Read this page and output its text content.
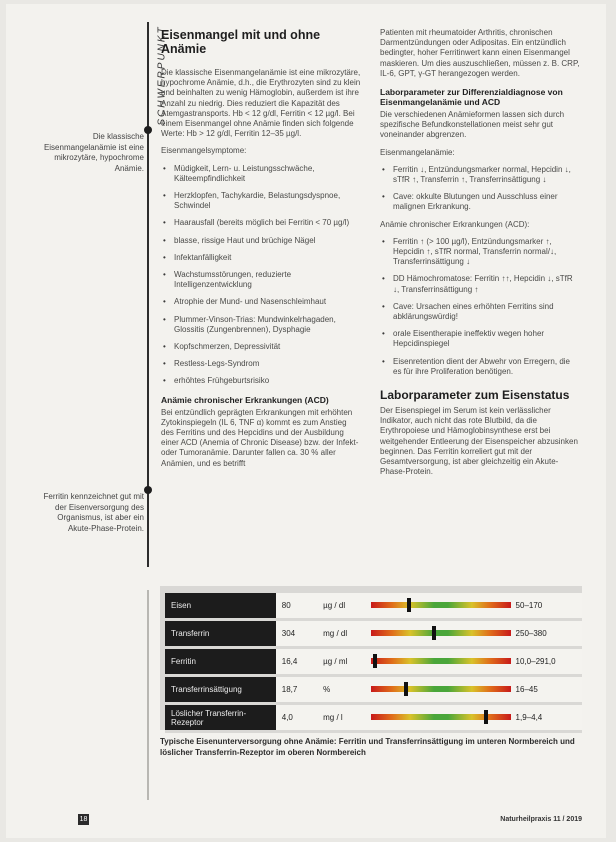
SCHWERPUNKT
Die klassische Eisenmangelanämie ist eine mikrozytäre, hypochrome Anämie.
Ferritin kennzeichnet gut mit der Eisenversorgung des Organismus, ist aber ein Akute-Phase-Protein.
Eisenmangel mit und ohne Anämie

Die klassische Eisenmangelanämie ist eine mikrozytäre, hypochrome Anämie, d.h., die Erythrozyten sind zu klein und beinhalten zu wenig Hämoglobin, außerdem ist ihre Anzahl zu niedrig. Dies reduziert die Kapazität des Atemgastransports. Hb < 12 g/dl, Ferritin < 12 µg/l. Bei einem Eisenmangel ohne Anämie finden sich folgende Werte: Hb > 12 g/dl, Ferritin 12–35 µg/l.

Eisenmangelsymptome:

• Müdigkeit, Lern- u. Leistungsschwäche, Kälteempfindlichkeit
• Herzklopfen, Tachykardie, Belastungsdyspnoe, Schwindel
• Haarausfall (bereits möglich bei Ferritin < 70 µg/l)
• blasse, rissige Haut und brüchige Nägel
• Infektanfälligkeit
• Wachstumsstörungen, reduzierte Intelligenzentwicklung
• Atrophie der Mund- und Nasenschleimhaut
• Plummer-Vinson-Trias: Mundwinkelrhagaden, Glossitis (Zungenbrennen), Dysphagie
• Kopfschmerzen, Depressivität
• Restless-Legs-Syndrom
• erhöhtes Frühgeburtsrisiko
Anämie chronischer Erkrankungen (ACD)

Bei entzündlich geprägten Erkrankungen mit erhöhten Zytokinspiegeln (IL 6, TNF α) kommt es zum Anstieg des Ferritins und des Hepcidins und der Ausbildung einer ACD (Anemia of Chronic Disease) bzw. der Infekt- oder Tumoranämie. Darunter fallen ca. 30 % aller Anämien, und es betrifft

Patienten mit rheumatoider Arthritis, chronischen Darmentzündungen oder Adipositas. Ein entzündlich bedingter, hoher Ferritinwert kann einen Eisenmangel maskieren. Um dies auszuschließen, müssen z. B. CRP, IL-6, GPT, γ-GT herangezogen werden.

Laborparameter zur Differenzialdiagnose von Eisenmangelanämie und ACD

Die verschiedenen Anämieformen lassen sich durch spezifische Befundkonstellationen meist sehr gut voneinander abgrenzen.

Eisenmangelanämie:

• Ferritin ↓, Entzündungsmarker normal, Hepcidin ↓, sTfR ↑, Transferrin ↑, Transferrinsättigung ↓
• Cave: okkulte Blutungen und Ausschluss einer malignen Erkrankung.

Anämie chronischer Erkrankungen (ACD):

• Ferritin ↑ (> 100 µg/l), Entzündungsmarker ↑, Hepcidin ↑, sTfR normal, Transferrin normal/↓, Transferrinsättigung ↓
• DD Hämochromatose: Ferritin ↑↑, Hepcidin ↓, sTfR ↓, Transferrinsättigung ↑
• Cave: Ursachen eines erhöhten Ferritins sind abklärungswürdig!
• orale Eisentherapie ineffektiv wegen hoher Hepcidinspiegel
• Eisenretention dient der Abwehr von Erregern, die es für ihre Proliferation benötigen.
Laborparameter zum Eisenstatus

Der Eisenspiegel im Serum ist kein verlässlicher Indikator, auch nicht das rote Blutbild, da die Erythropoiese und Hämoglobinsynthese erst bei weitgehender Entleerung der Eisenspeicher abzusinken beginnen. Das Ferritin korreliert gut mit der Gesamtversorgung, ist aber gleichzeitig ein Akute-Phase-Protein.

Eisen	80	µg / dl		50–170
Transferrin	304	mg / dl		250–380
Ferritin	16,4	µg / ml		10,0–291,0
Transferrinsättigung	18,7	%		16–45
Löslicher Transferrin-Rezeptor	4,0	mg / l		1,9–4,4
Typische Eisenunterversorgung ohne Anämie: Ferritin und Transferrinsättigung im unteren Normbereich und löslicher Transferrin-Rezeptor im oberen Normbereich
18	Naturheilpraxis 11 / 2019
